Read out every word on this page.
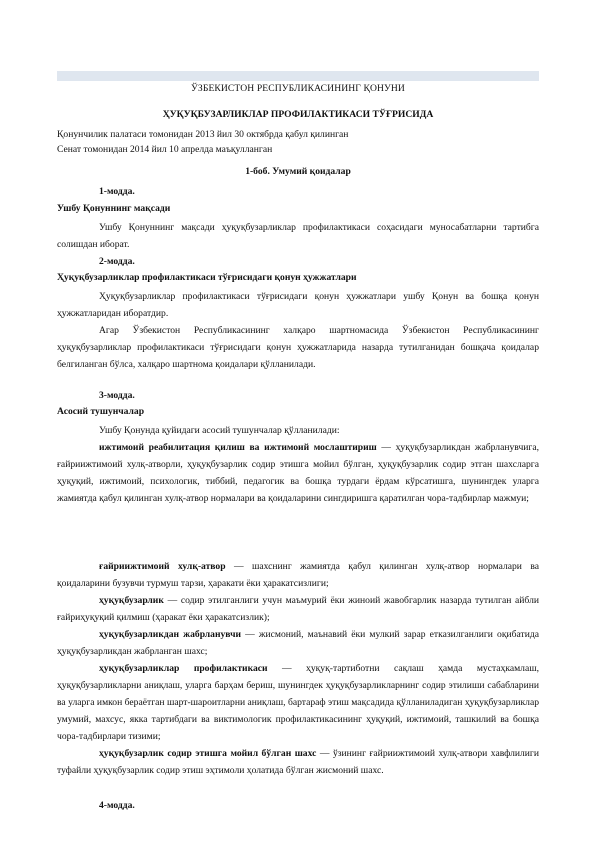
ЎЗБЕКИСТОН РЕСПУБЛИКАСИНИНГ ҚОНУНИ
ҲУҚУҚБУЗАРЛИКЛАР ПРОФИЛАКТИКАСИ ТЎҒРИСИДА
Қонунчилик палатаси томонидан 2013 йил 30 октябрда қабул қилинган
Сенат томонидан 2014 йил 10 апрелда маъқулланган
1-боб. Умумий қоидалар
1-модда.
Ушбу Қонуннинг мақсади

Ушбу Қонуннинг мақсади ҳуқуқбузарликлар профилактикаси соҳасидаги муносабатларни тартибга солишдан иборат.

2-модда.
Ҳуқуқбузарликлар профилактикаси тўғрисидаги қонун ҳужжатлари

Ҳуқуқбузарликлар профилактикаси тўғрисидаги қонун ҳужжатлари ушбу Қонун ва бошқа қонун ҳужжатларидан иборатдир.

Агар Ўзбекистон Республикасининг халқаро шартномасида Ўзбекистон Республикасининг ҳуқуқбузарликлар профилактикаси тўғрисидаги қонун ҳужжатларида назарда тутилганидан бошқача қоидалар белгиланган бўлса, халқаро шартнома қоидалари қўлланилади.

3-модда.
Асосий тушунчалар

Ушбу Қонунда қуйидаги асосий тушунчалар қўлланилади:

ижтимоий реабилитация қилиш ва ижтимоий мослаштириш — ҳуқуқбузарликдан жабрланувчига, ғайриижтимоий хулқ-атворли, ҳуқуқбузарлик содир этишга мойил бўлган, ҳуқуқбузарлик содир этган шахсларга ҳуқуқий, ижтимоий, психологик, тиббий, педагогик ва бошқа турдаги ёрдам кўрсатишга, шунингдек уларга жамиятда қабул қилинган хулқ-атвор нормалари ва қоидаларини сингдиришга қаратилган чора-тадбирлар мажмуи;

ғайриижтимоий хулқ-атвор — шахснинг жамиятда қабул қилинган хулқ-атвор нормалари ва қоидаларини бузувчи турмуш тарзи, ҳаракати ёки ҳаракатсизлиги;

ҳуқуқбузарлик — содир этилганлиги учун маъмурий ёки жиноий жавобгарлик назарда тутилган айбли ғайриҳуқуқий қилмиш (ҳаракат ёки ҳаракатсизлик);

ҳуқуқбузарликдан жабрланувчи — жисмоний, маънавий ёки мулкий зарар етказилганлиги оқибатида ҳуқуқбузарликдан жабрланган шахс;

ҳуқуқбузарликлар профилактикаси — ҳуқуқ-тартиботни сақлаш ҳамда мустаҳкамлаш, ҳуқуқбузарликларни аниқлаш, уларга барҳам бериш, шунингдек ҳуқуқбузарликларнинг содир этилиши сабабларини ва уларга имкон бераётган шарт-шароитларни аниқлаш, бартараф этиш мақсадида қўлланиладиган ҳуқуқбузарликлар умумий, махсус, якка тартибдаги ва виктимологик профилактикасининг ҳуқуқий, ижтимоий, ташкилий ва бошқа чора-тадбирлари тизими;

ҳуқуқбузарлик содир этишга мойил бўлган шахс — ўзининг ғайриижтимоий хулқ-атвори хавфлилиги туфайли ҳуқуқбузарлик содир этиш эҳтимоли ҳолатида бўлган жисмоний шахс.

4-модда.
